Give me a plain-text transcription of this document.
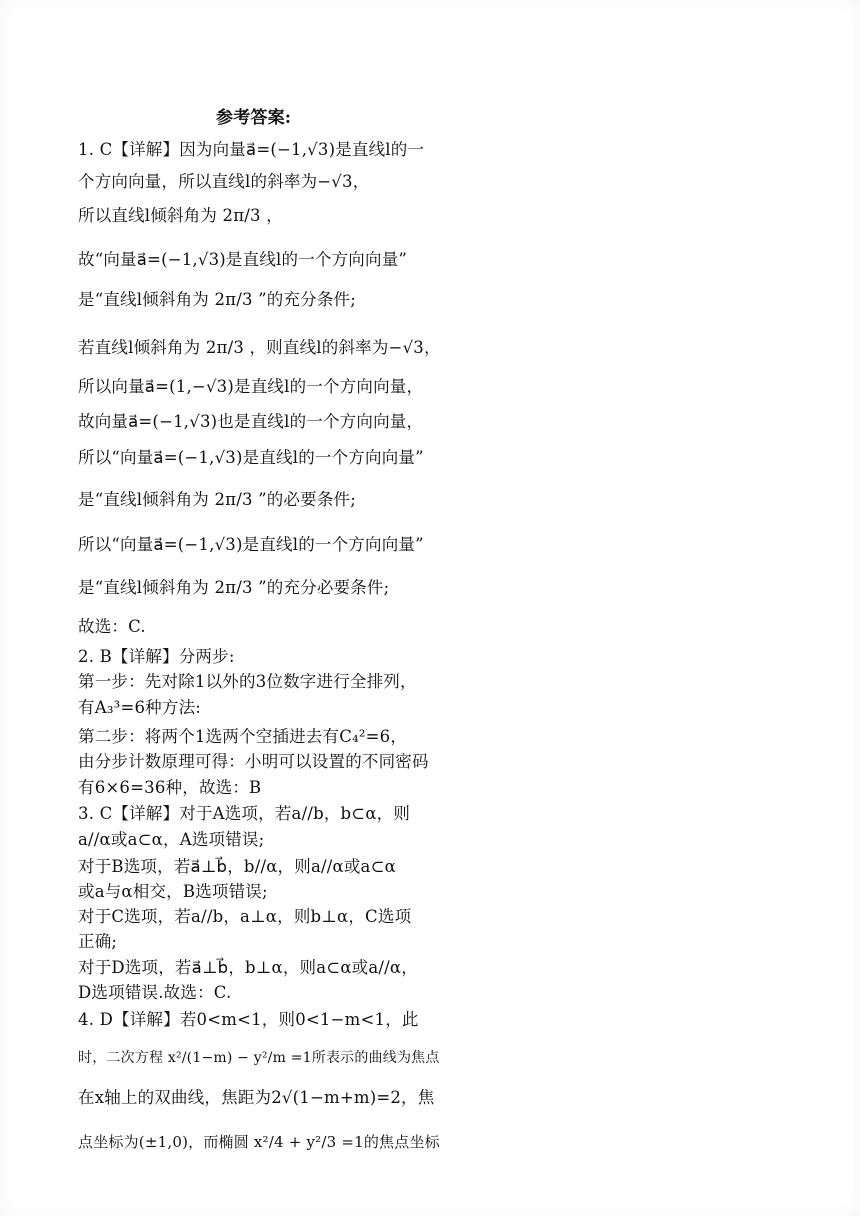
参考答案:
1. C【详解】因为向量a⃗=(−1,√3)是直线l的一
个方向向量，所以直线l的斜率为−√3，
所以直线l倾斜角为 2π/3 ，
故“向量a⃗=(−1,√3)是直线l的一个方向向量”
是“直线l倾斜角为 2π/3 ”的充分条件;
若直线l倾斜角为 2π/3 ，则直线l的斜率为−√3，
所以向量a⃗=(1,−√3)是直线l的一个方向向量，
故向量a⃗=(−1,√3)也是直线l的一个方向向量，
所以“向量a⃗=(−1,√3)是直线l的一个方向向量”
是“直线l倾斜角为 2π/3 ”的必要条件;
所以“向量a⃗=(−1,√3)是直线l的一个方向向量”
是“直线l倾斜角为 2π/3 ”的充分必要条件;
故选：C.
2. B【详解】分两步:
第一步：先对除1以外的3位数字进行全排列，
有A₃³=6种方法:
第二步：将两个1选两个空插进去有C₄²=6，
由分步计数原理可得：小明可以设置的不同密码
有6×6=36种，故选：B
3. C【详解】对于A选项，若a//b，b⊂α，则
a//α或a⊂α，A选项错误;
对于B选项，若a⃗⊥b⃗，b//α，则a//α或a⊂α
或a与α相交，B选项错误;
对于C选项，若a//b，a⊥α，则b⊥α，C选项
正确;
对于D选项，若a⃗⊥b⃗，b⊥α，则a⊂α或a//α，
D选项错误.故选：C.
4. D【详解】若0<m<1，则0<1−m<1，此
时，二次方程 x²/(1−m) − y²/m =1所表示的曲线为焦点
在x轴上的双曲线，焦距为2√(1−m+m)=2，焦
点坐标为(±1,0)，而椭圆 x²/4 + y²/3 =1的焦点坐标
